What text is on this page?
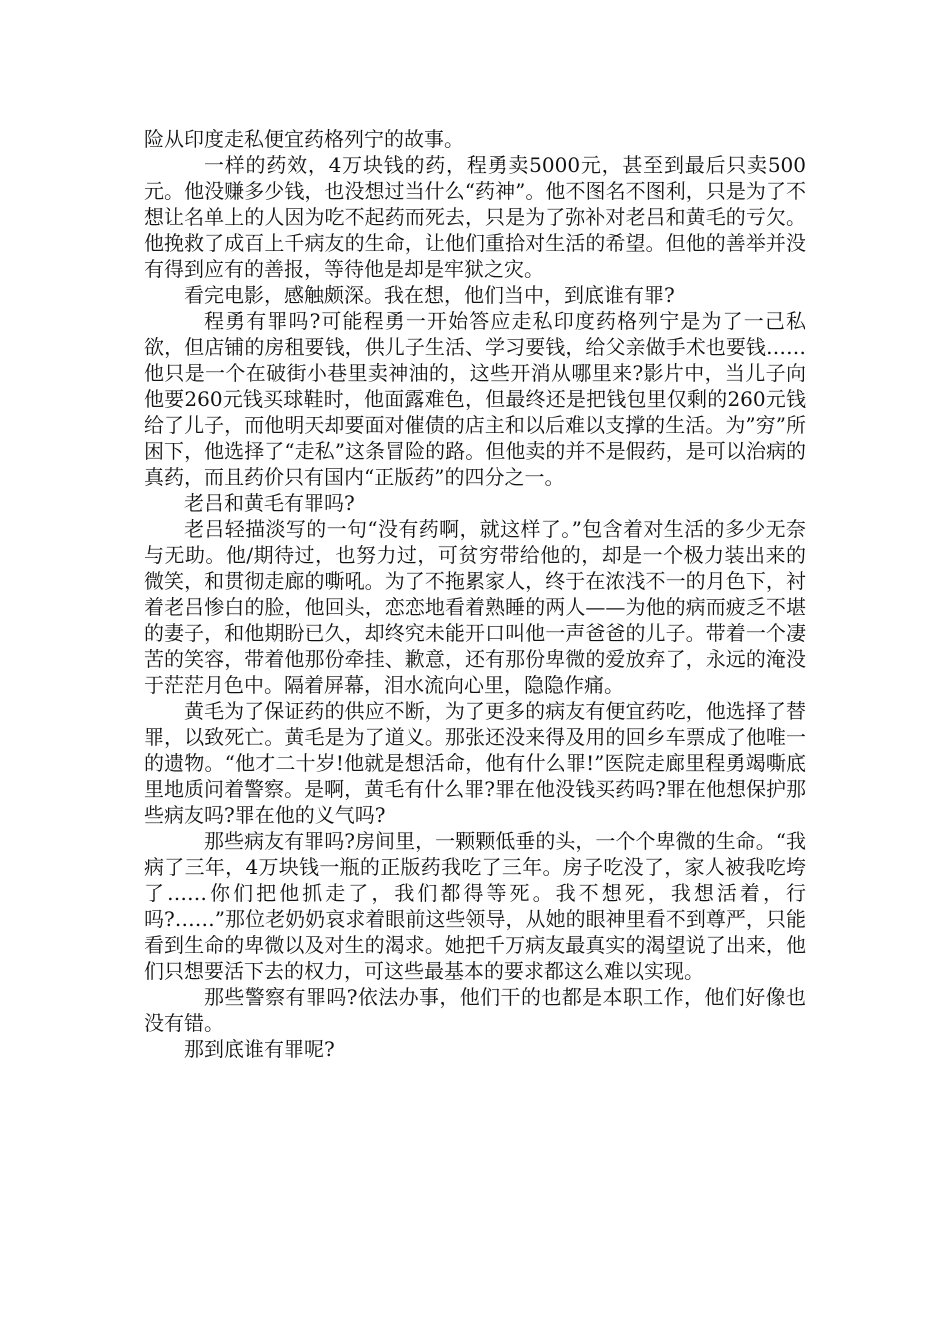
险从印度走私便宜药格列宁的故事。

一样的药效，4万块钱的药，程勇卖5000元，甚至到最后只卖500元。他没赚多少钱，也没想过当什么“药神”。他不图名不图利，只是为了不想让名单上的人因为吃不起药而死去，只是为了弥补对老吕和黄毛的亏欠。他挽救了成百上千病友的生命，让他们重拾对生活的希望。但他的善举并没有得到应有的善报，等待他是却是牢狱之灾。

看完电影，感触颇深。我在想，他们当中，到底谁有罪?

程勇有罪吗?可能程勇一开始答应走私印度药格列宁是为了一己私欲，但店铺的房租要钱，供儿子生活、学习要钱，给父亲做手术也要钱……他只是一个在破街小巷里卖神油的，这些开消从哪里来?影片中，当儿子向他要260元钱买球鞋时，他面露难色，但最终还是把钱包里仅剩的260元钱给了儿子，而他明天却要面对催债的店主和以后难以支撑的生活。为”穷”所困下，他选择了“走私”这条冒险的路。但他卖的并不是假药，是可以治病的真药，而且药价只有国内“正版药”的四分之一。

老吕和黄毛有罪吗?

老吕轻描淡写的一句“没有药啊，就这样了。”包含着对生活的多少无奈与无助。他/期待过，也努力过，可贫穷带给他的，却是一个极力装出来的微笑，和贯彻走廊的嘶吼。为了不拖累家人，终于在浓浅不一的月色下，衬着老吕惨白的脸，他回头，恋恋地看着熟睡的两人——为他的病而疲乏不堪的妻子，和他期盼已久，却终究未能开口叫他一声爸爸的儿子。带着一个凄苦的笑容，带着他那份牵挂、歉意，还有那份卑微的爱放弃了，永远的淹没于茫茫月色中。隔着屏幕，泪水流向心里，隐隐作痛。

黄毛为了保证药的供应不断，为了更多的病友有便宜药吃，他选择了替罪，以致死亡。黄毛是为了道义。那张还没来得及用的回乡车票成了他唯一的遗物。“他才二十岁!他就是想活命，他有什么罪!”医院走廊里程勇竭嘶底里地质问着警察。是啊，黄毛有什么罪?罪在他没钱买药吗?罪在他想保护那些病友吗?罪在他的义气吗?

那些病友有罪吗?房间里，一颗颗低垂的头，一个个卑微的生命。“我病了三年，4万块钱一瓶的正版药我吃了三年。房子吃没了，家人被我吃垮了……你们把他抓走了，我们都得等死。我不想死，我想活着，行吗?……”那位老奶奶哀求着眼前这些领导，从她的眼神里看不到尊严，只能看到生命的卑微以及对生的渴求。她把千万病友最真实的渴望说了出来，他们只想要活下去的权力，可这些最基本的要求都这么难以实现。

那些警察有罪吗?依法办事，他们干的也都是本职工作，他们好像也没有错。

那到底谁有罪呢?
